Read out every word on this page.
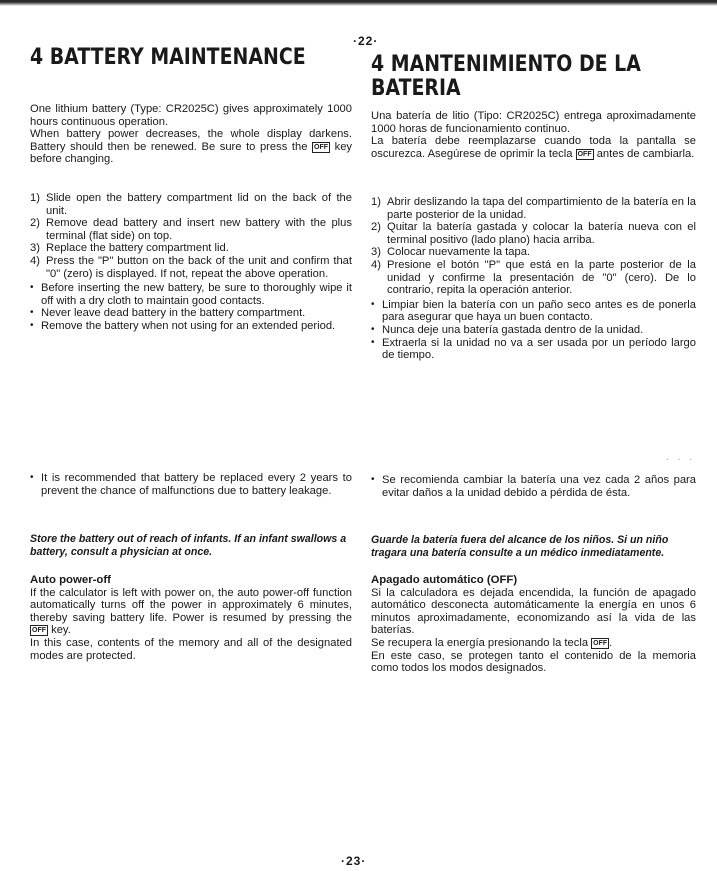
·22·
4 BATTERY MAINTENANCE

One lithium battery (Type: CR2025C) gives approximately 1000 hours continuous operation.

When battery power decreases, the whole display darkens. Battery should then be renewed. Be sure to press the OFF key before changing.

1) Slide open the battery compartment lid on the back of the unit.
2) Remove dead battery and insert new battery with the plus terminal (flat side) on top.
3) Replace the battery compartment lid.
4) Press the "P" button on the back of the unit and confirm that "0" (zero) is displayed. If not, repeat the above operation.
• Before inserting the new battery, be sure to thoroughly wipe it off with a dry cloth to maintain good contacts.
• Never leave dead battery in the battery compartment.
• Remove the battery when not using for an extended period.
• It is recommended that battery be replaced every 2 years to prevent the chance of malfunctions due to battery leakage.
Store the battery out of reach of infants. If an infant swallows a battery, consult a physician at once.

Auto power-off

If the calculator is left with power on, the auto power-off function automatically turns off the power in approximately 6 minutes, thereby saving battery life. Power is resumed by pressing the OFF key.

In this case, contents of the memory and all of the designated modes are protected.

4 MANTENIMIENTO DE LA BATERIA

Una batería de litio (Tipo: CR2025C) entrega aproximadamente 1000 horas de funcionamiento continuo.

La batería debe reemplazarse cuando toda la pantalla se oscurezca. Asegúrese de oprimir la tecla OFF antes de cambiarla.

1) Abrir deslizando la tapa del compartimiento de la batería en la parte posterior de la unidad.
2) Quitar la batería gastada y colocar la batería nueva con el terminal positivo (lado plano) hacia arriba.
3) Colocar nuevamente la tapa.
4) Presione el botón "P" que está en la parte posterior de la unidad y confirme la presentación de "0" (cero). De lo contrario, repita la operación anterior.
• Limpiar bien la batería con un paño seco antes es de ponerla para asegurar que haya un buen contacto.
• Nunca deje una batería gastada dentro de la unidad.
• Extraerla si la unidad no va a ser usada por un período largo de tiempo.
. . .
• Se recomienda cambiar la batería una vez cada 2 años para evitar daños a la unidad debido a pérdida de ésta.
Guarde la batería fuera del alcance de los niños. Si un niño tragara una batería consulte a un médico inmediatamente.

Apagado automático (OFF)

Si la calculadora es dejada encendida, la función de apagado automático desconecta automáticamente la energía en unos 6 minutos aproximadamente, economizando así la vida de las baterías.

Se recupera la energía presionando la tecla OFF .

En este caso, se protegen tanto el contenido de la memoria como todos los modos designados.

·23·
